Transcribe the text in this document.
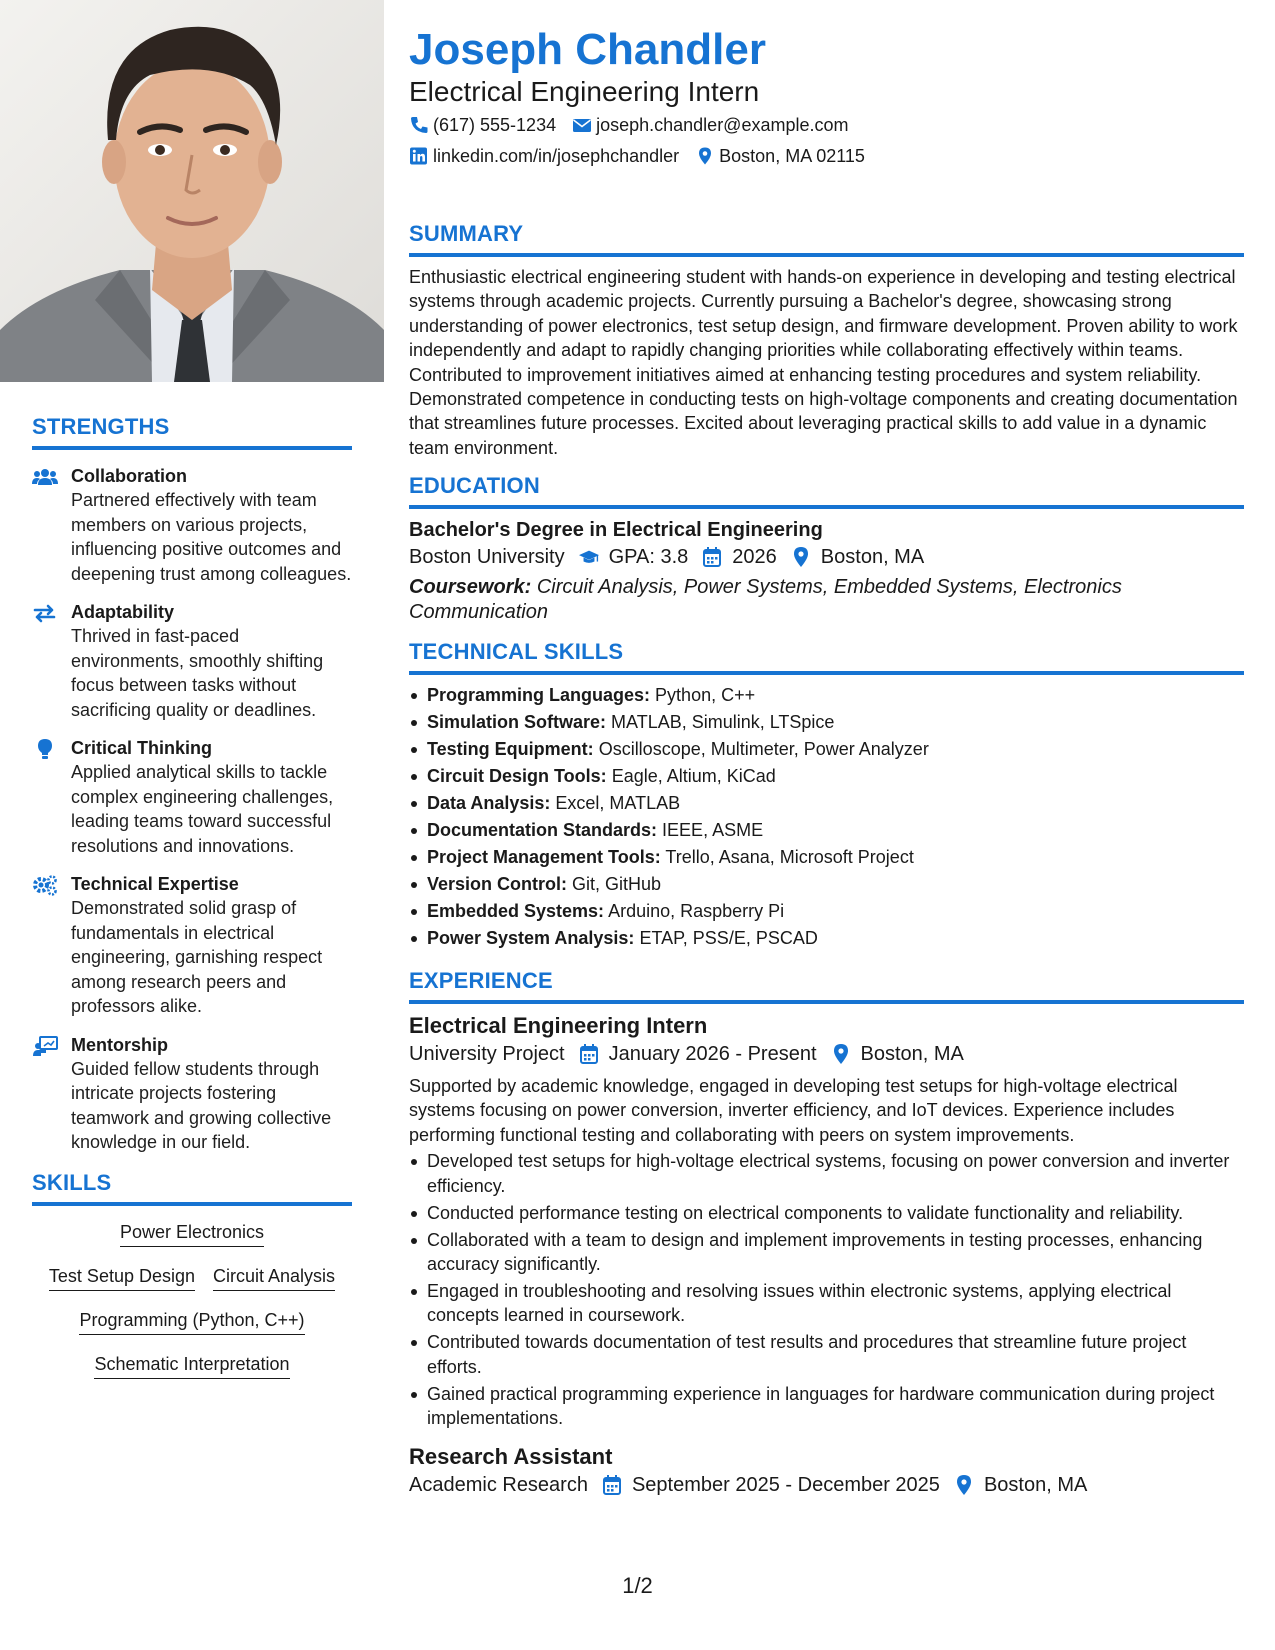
STRENGTHS
Collaboration
Partnered effectively with team members on various projects, influencing positive outcomes and deepening trust among colleagues.
Adaptability
Thrived in fast-paced environments, smoothly shifting focus between tasks without sacrificing quality or deadlines.
Critical Thinking
Applied analytical skills to tackle complex engineering challenges, leading teams toward successful resolutions and innovations.
Technical Expertise
Demonstrated solid grasp of fundamentals in electrical engineering, garnishing respect among research peers and professors alike.
Mentorship
Guided fellow students through intricate projects fostering teamwork and growing collective knowledge in our field.
SKILLS
Power Electronics
Test Setup Design Circuit Analysis
Programming (Python, C++)
Schematic Interpretation
Joseph Chandler
Electrical Engineering Intern
(617) 555-1234 joseph.chandler@example.com
linkedin.com/in/josephchandler Boston, MA 02115
SUMMARY
Enthusiastic electrical engineering student with hands-on experience in developing and testing electrical systems through academic projects. Currently pursuing a Bachelor's degree, showcasing strong understanding of power electronics, test setup design, and firmware development. Proven ability to work independently and adapt to rapidly changing priorities while collaborating effectively within teams. Contributed to improvement initiatives aimed at enhancing testing procedures and system reliability. Demonstrated competence in conducting tests on high-voltage components and creating documentation that streamlines future processes. Excited about leveraging practical skills to add value in a dynamic team environment.
EDUCATION
Bachelor's Degree in Electrical Engineering
Boston University GPA: 3.8 2026 Boston, MA
Coursework: Circuit Analysis, Power Systems, Embedded Systems, Electronics Communication
TECHNICAL SKILLS
Programming Languages: Python, C++
Simulation Software: MATLAB, Simulink, LTSpice
Testing Equipment: Oscilloscope, Multimeter, Power Analyzer
Circuit Design Tools: Eagle, Altium, KiCad
Data Analysis: Excel, MATLAB
Documentation Standards: IEEE, ASME
Project Management Tools: Trello, Asana, Microsoft Project
Version Control: Git, GitHub
Embedded Systems: Arduino, Raspberry Pi
Power System Analysis: ETAP, PSS/E, PSCAD
EXPERIENCE
Electrical Engineering Intern
University Project January 2026 - Present Boston, MA
Supported by academic knowledge, engaged in developing test setups for high-voltage electrical systems focusing on power conversion, inverter efficiency, and IoT devices. Experience includes performing functional testing and collaborating with peers on system improvements.
Developed test setups for high-voltage electrical systems, focusing on power conversion and inverter efficiency.
Conducted performance testing on electrical components to validate functionality and reliability.
Collaborated with a team to design and implement improvements in testing processes, enhancing accuracy significantly.
Engaged in troubleshooting and resolving issues within electronic systems, applying electrical concepts learned in coursework.
Contributed towards documentation of test results and procedures that streamline future project efforts.
Gained practical programming experience in languages for hardware communication during project implementations.
Research Assistant
Academic Research September 2025 - December 2025 Boston, MA
1/2
